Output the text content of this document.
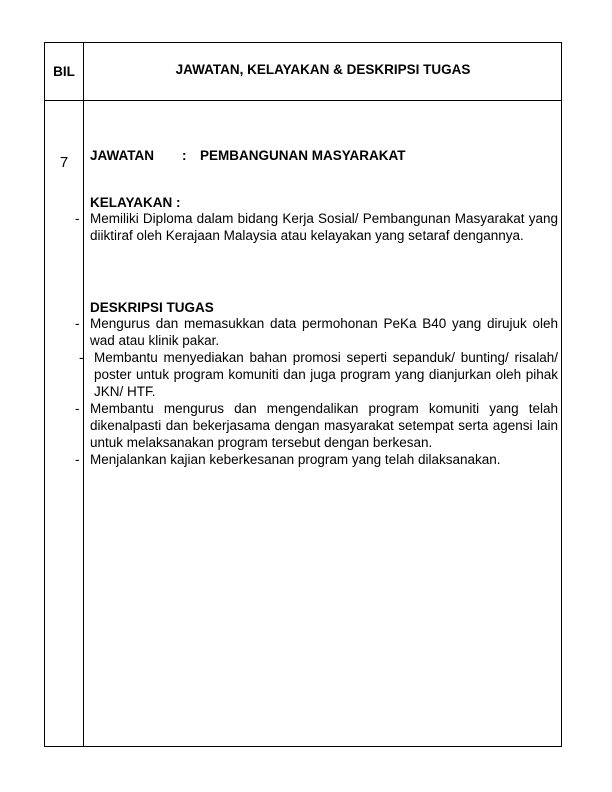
BIL	JAWATAN, KELAYAKAN & DESKRIPSI TUGAS
7	JAWATAN	:	PEMBANGUNAN MASYARAKAT
KELAYAKAN :
- Memiliki Diploma dalam bidang Kerja Sosial/ Pembangunan Masyarakat yang diiktiraf oleh Kerajaan Malaysia atau kelayakan yang setaraf dengannya.
DESKRIPSI TUGAS
- Mengurus dan memasukkan data permohonan PeKa B40 yang dirujuk oleh wad atau klinik pakar.
- Membantu menyediakan bahan promosi seperti sepanduk/ bunting/ risalah/ poster untuk program komuniti dan juga program yang dianjurkan oleh pihak JKN/ HTF.
- Membantu mengurus dan mengendalikan program komuniti yang telah dikenalpasti dan bekerjasama dengan masyarakat setempat serta agensi lain untuk melaksanakan program tersebut dengan berkesan.
- Menjalankan kajian keberkesanan program yang telah dilaksanakan.
